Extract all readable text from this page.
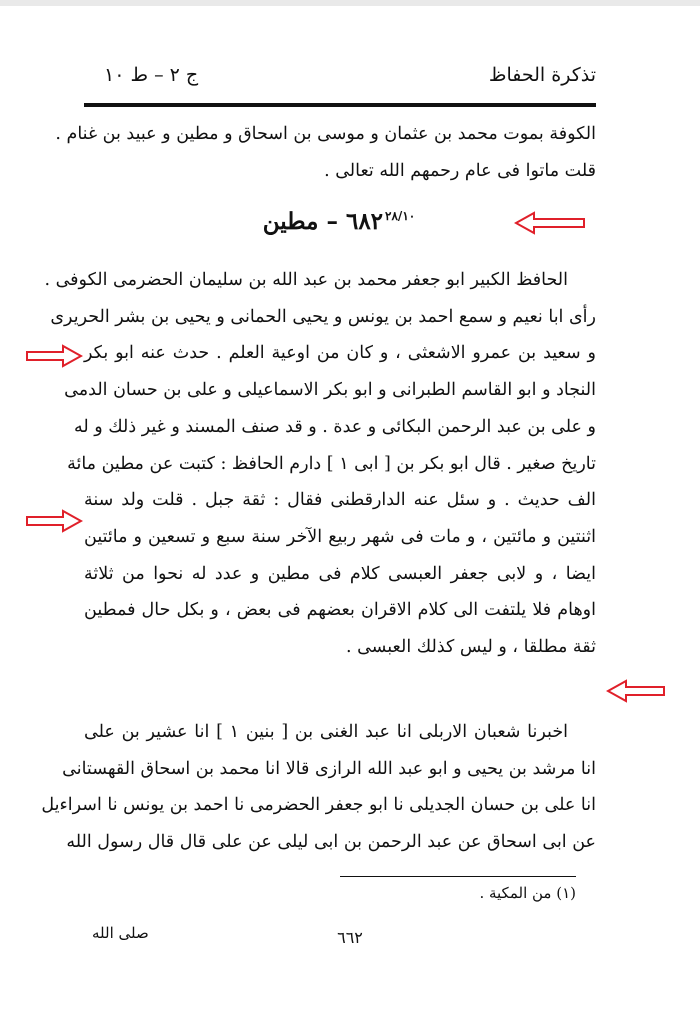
تذكرة الحفاظ
ج ٢ – ط ١٠
الكوفة بموت محمد بن عثمان و موسى بن اسحاق و مطين و عبيد بن غنام .
قلت ماتوا فى عام رحمهم الله تعالى .
٦٨٢ $^{٢٨/١٠}$ – مطين
الحافظ الكبير ابو جعفر محمد بن عبد الله بن سليمان الحضرمى الكوفى .
رأى ابا نعيم و سمع احمد بن يونس و يحيى الحمانى و يحيى بن بشر الحريرى
و سعيد بن عمرو الاشعثى ، و كان من اوعية العلم . حدث عنه ابو بكر
النجاد و ابو القاسم الطبرانى و ابو بكر الاسماعيلى و على بن حسان الدمى
و على بن عبد الرحمن البكائى و عدة . و قد صنف المسند و غير ذلك و له
تاريخ صغير . قال ابو بكر بن [ ابى ١ ] دارم الحافظ : كتبت عن مطين مائة
الف حديث . و سئل عنه الدارقطنى فقال : ثقة جبل . قلت ولد سنة
اثنتين و مائتين ، و مات فى شهر ربيع الآخر سنة سبع و تسعين و مائتين
ايضا ، و لابى جعفر العبسى كلام فى مطين و عدد له نحوا من ثلاثة
اوهام فلا يلتفت الى كلام الاقران بعضهم فى بعض ، و بكل حال فمطين
ثقة مطلقا ، و ليس كذلك العبسى .
اخبرنا شعبان الاربلى انا عبد الغنى بن [ بنين ١ ] انا عشير بن على
انا مرشد بن يحيى و ابو عبد الله الرازى قالا انا محمد بن اسحاق القهستانى
انا على بن حسان الجديلى نا ابو جعفر الحضرمى نا احمد بن يونس نا اسراءيل
عن ابى اسحاق عن عبد الرحمن بن ابى ليلى عن على قال قال رسول الله
(١) من المكية .
صلى الله	٦٦٢
